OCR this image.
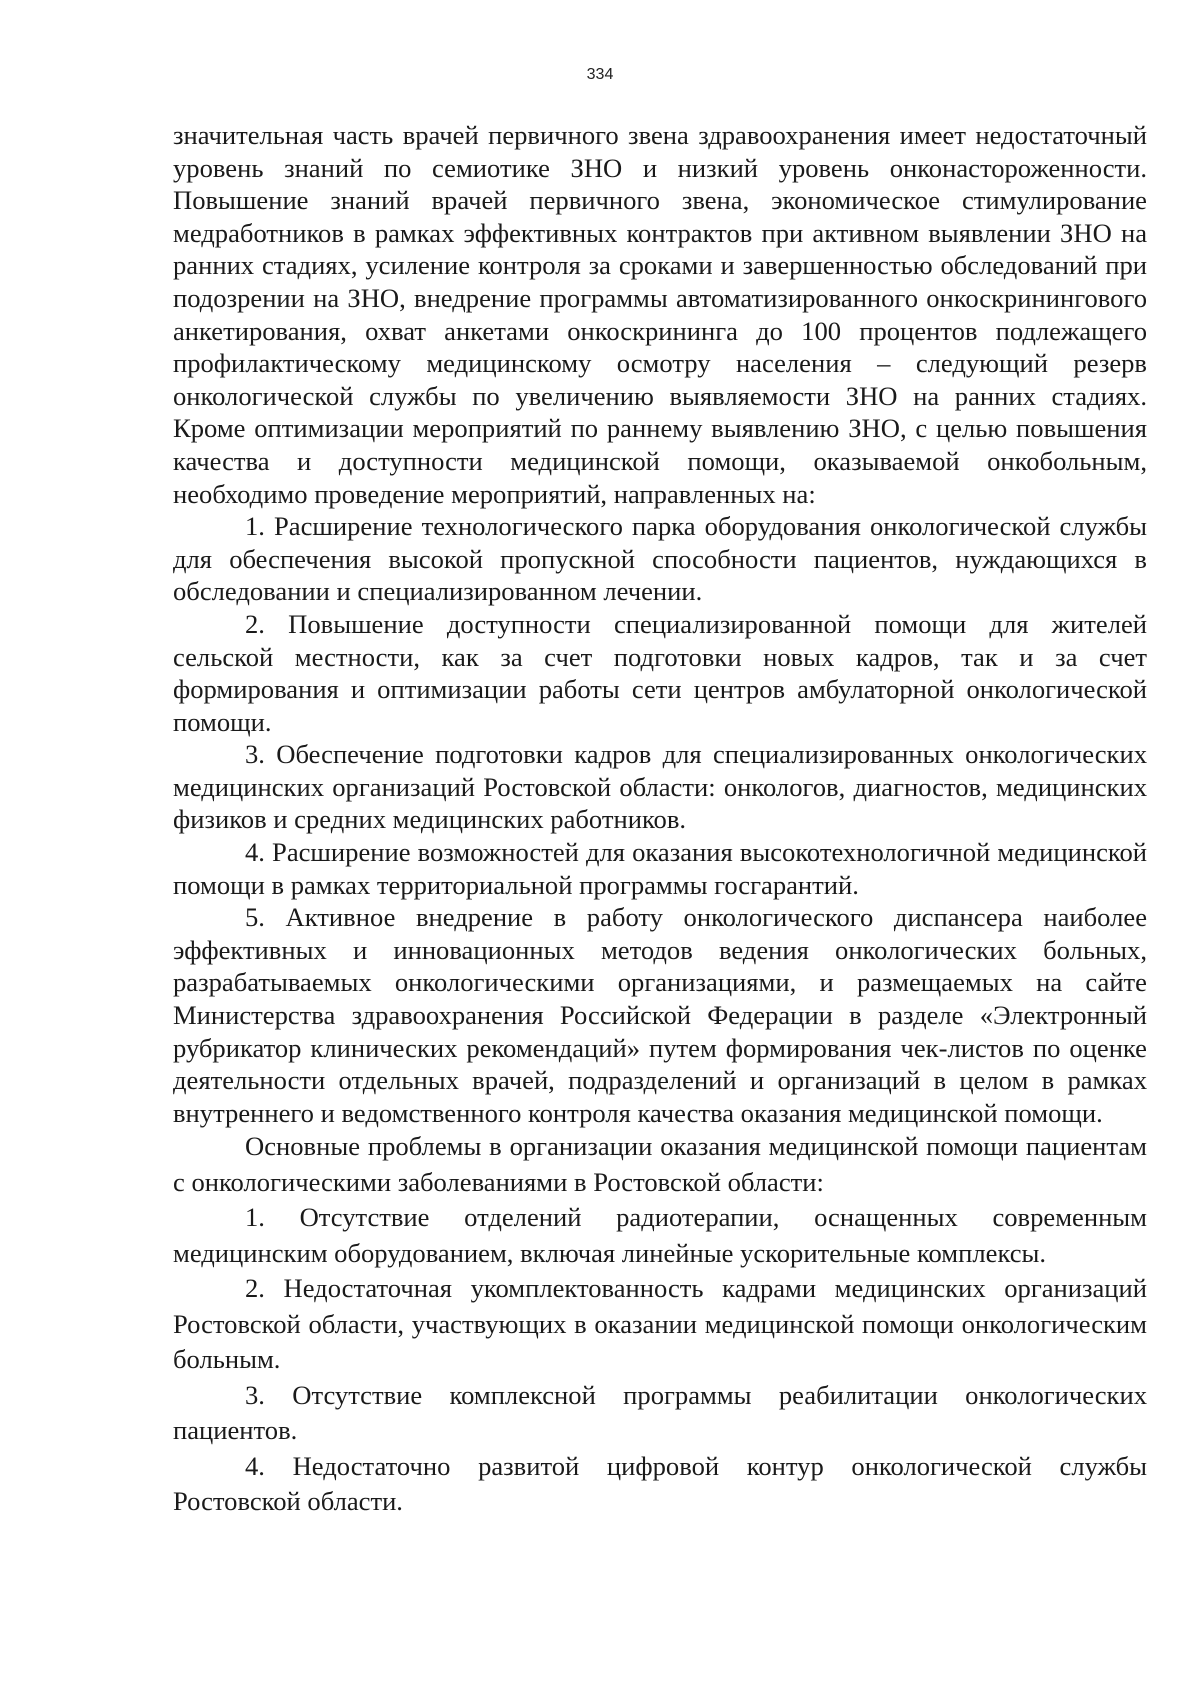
334

значительная часть врачей первичного звена здравоохранения имеет недостаточный уровень знаний по семиотике ЗНО и низкий уровень онконастороженности. Повышение знаний врачей первичного звена, экономическое стимулирование медработников в рамках эффективных контрактов при активном выявлении ЗНО на ранних стадиях, усиление контроля за сроками и завершенностью обследований при подозрении на ЗНО, внедрение программы автоматизированного онкоскринингового анкетирования, охват анкетами онкоскрининга до 100 процентов подлежащего профилактическому медицинскому осмотру населения – следующий резерв онкологической службы по увеличению выявляемости ЗНО на ранних стадиях. Кроме оптимизации мероприятий по раннему выявлению ЗНО, с целью повышения качества и доступности медицинской помощи, оказываемой онкобольным, необходимо проведение мероприятий, направленных на:

1. Расширение технологического парка оборудования онкологической службы для обеспечения высокой пропускной способности пациентов, нуждающихся в обследовании и специализированном лечении.

2. Повышение доступности специализированной помощи для жителей сельской местности, как за счет подготовки новых кадров, так и за счет формирования и оптимизации работы сети центров амбулаторной онкологической помощи.

3. Обеспечение подготовки кадров для специализированных онкологических медицинских организаций Ростовской области: онкологов, диагностов, медицинских физиков и средних медицинских работников.

4. Расширение возможностей для оказания высокотехнологичной медицинской помощи в рамках территориальной программы госгарантий.

5. Активное внедрение в работу онкологического диспансера наиболее эффективных и инновационных методов ведения онкологических больных, разрабатываемых онкологическими организациями, и размещаемых на сайте Министерства здравоохранения Российской Федерации в разделе «Электронный рубрикатор клинических рекомендаций» путем формирования чек-листов по оценке деятельности отдельных врачей, подразделений и организаций в целом в рамках внутреннего и ведомственного контроля качества оказания медицинской помощи.

Основные проблемы в организации оказания медицинской помощи пациентам с онкологическими заболеваниями в Ростовской области:

1. Отсутствие отделений радиотерапии, оснащенных современным медицинским оборудованием, включая линейные ускорительные комплексы.

2. Недостаточная укомплектованность кадрами медицинских организаций Ростовской области, участвующих в оказании медицинской помощи онкологическим больным.

3. Отсутствие комплексной программы реабилитации онкологических пациентов.

4. Недостаточно развитой цифровой контур онкологической службы Ростовской области.
